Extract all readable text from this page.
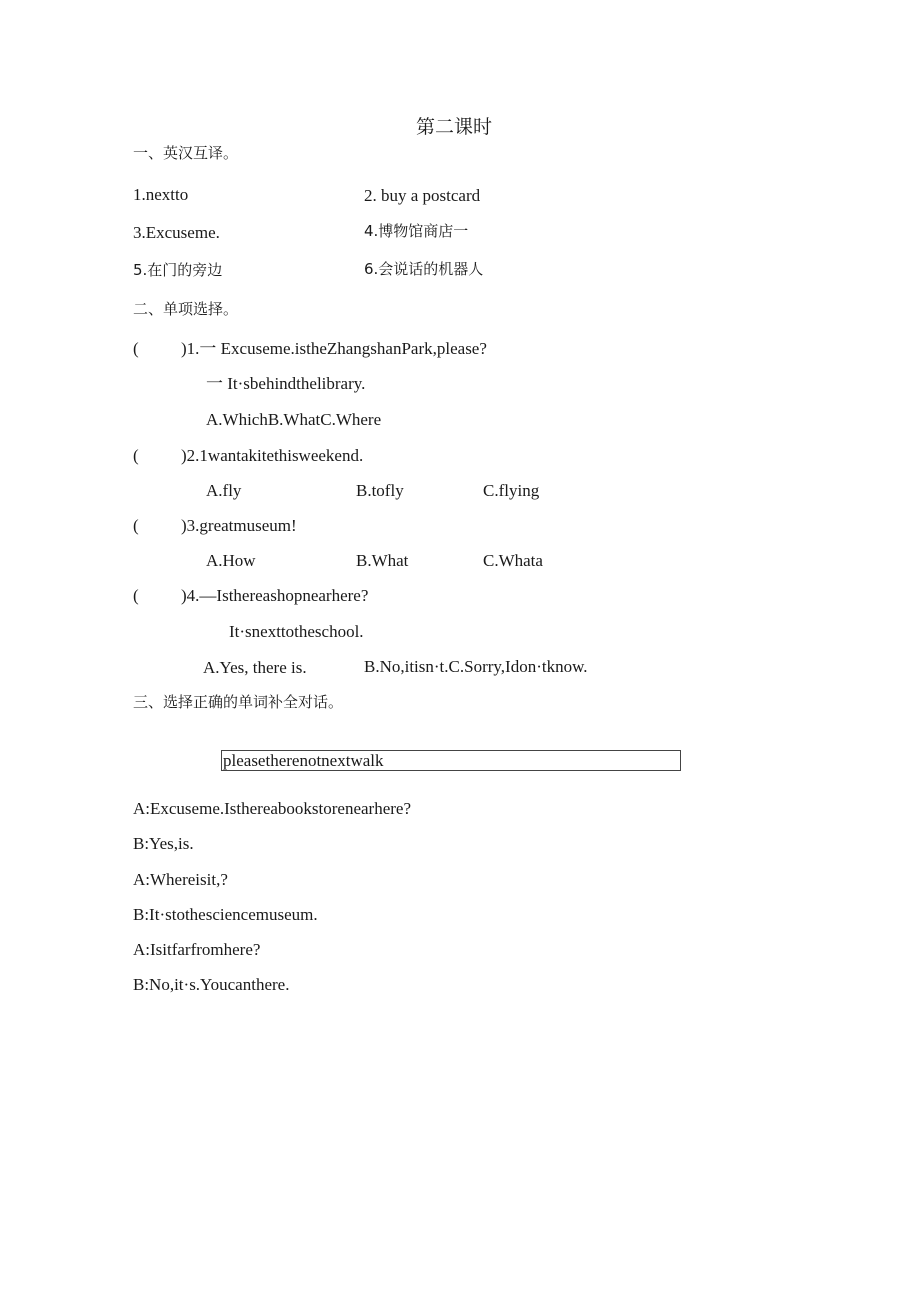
第二课时
一、英汉互译。
1.nextto	2. buy a postcard
3.Excuseme.	4.博物馆商店一
5.在门的旁边	6.会说话的机器人
二、单项选择。
( )1.一 Excuseme.istheZhangshanPark,please?
一 It·sbehindthelibrary.
A.WhichB.WhatC.Where
( )2.1wantakitethisweekend.
A.fly	B.tofly	C.flying
( )3.greatmuseum!
A.How	B.What	C.Whata
( )4.—Isthereashopnearhere?
It·snexttotheschool.
A.Yes, there is.	B.No,itisn·t.C.Sorry,Idon·tknow.
三、选择正确的单词补全对话。
pleasetherenotnextwalk
A:Excuseme.Isthereabookstorenearhere?
B:Yes,is.
A:Whereisit,?
B:It·stothesciencemuseum.
A:Isitfarfromhere?
B:No,it·s.Youcanthere.
